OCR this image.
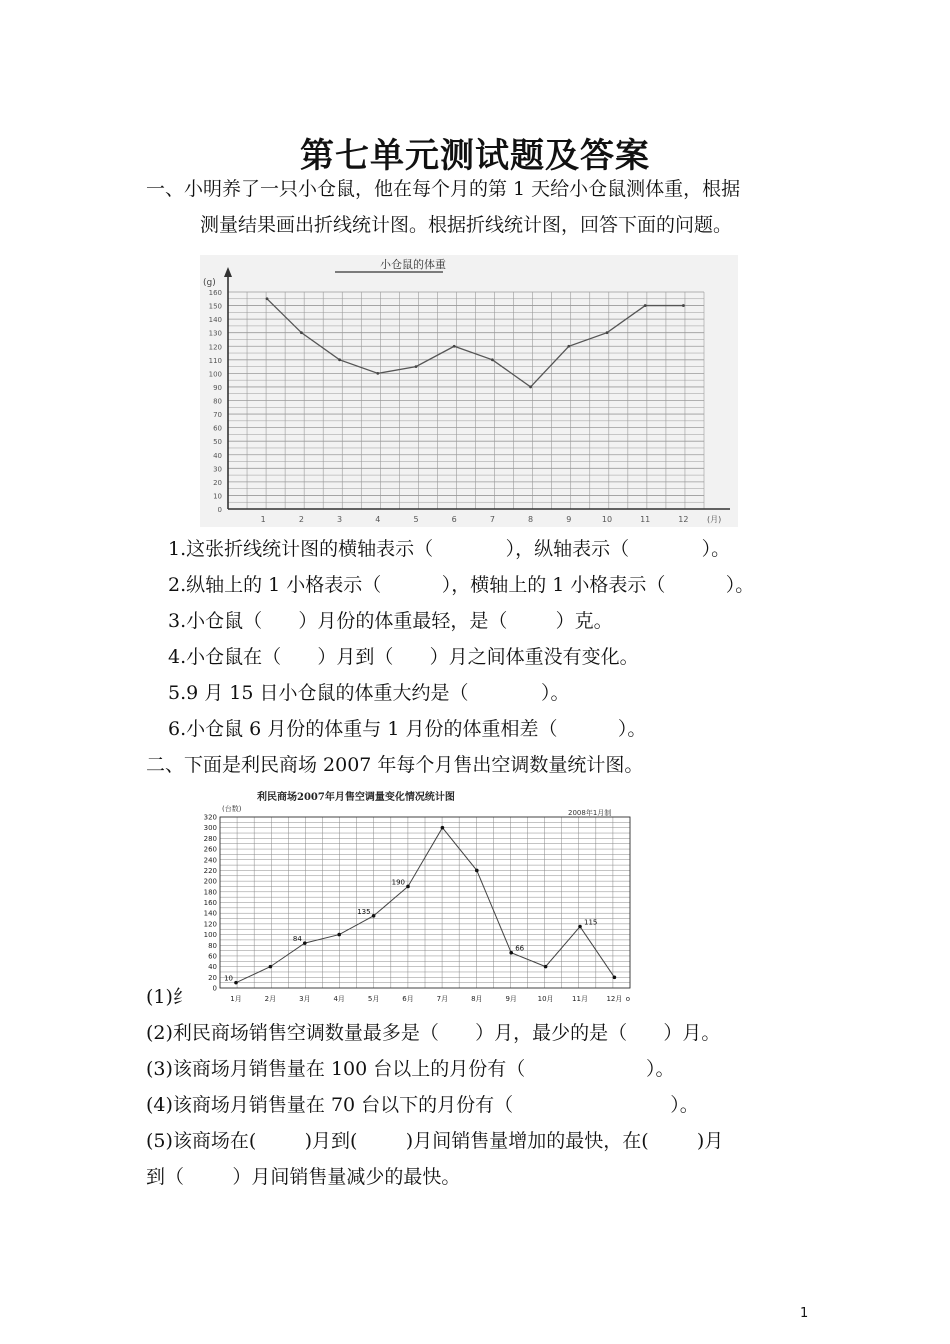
第七单元测试题及答案
一、小明养了一只小仓鼠，他在每个月的第 1 天给小仓鼠测体重，根据
测量结果画出折线统计图。根据折线统计图，回答下面的问题。
小仓鼠的体重
(g)
0
10
20
30
40
50
60
70
80
90
100
110
120
130
140
150
160
1	2	3	4	5	6	7	8	9	10	11	12 (月)
1.这张折线统计图的横轴表示（            ），纵轴表示（            ）。
2.纵轴上的 1 小格表示（          ），横轴上的 1 小格表示（          ）。
3.小仓鼠（      ）月份的体重最轻，是（        ）克。
4.小仓鼠在（      ）月到（      ）月之间体重没有变化。
5.9 月 15 日小仓鼠的体重大约是（            ）。
6.小仓鼠 6 月份的体重与 1 月份的体重相差（          ）。
二、下面是利民商场 2007 年每个月售出空调数量统计图。
利民商场2007年月售空调量变化情况统计图
2008年1月制
(台数)
0
20
40
60
80
100
120
140
160
180
200
220
240
260
280
300
320
1月	2月	3月	4月	5月	6月	7月	8月	9月	10月	11月	12月 o
10
84
135
190
66
115
(1)纟
(2)利民商场销售空调数量最多是（      ）月，最少的是（      ）月。
(3)该商场月销售量在 100 台以上的月份有（                    ）。
(4)该商场月销售量在 70 台以下的月份有（                          ）。
(5)该商场在(        )月到(        )月间销售量增加的最快，在(        )月
到（        ）月间销售量减少的最快。
1
